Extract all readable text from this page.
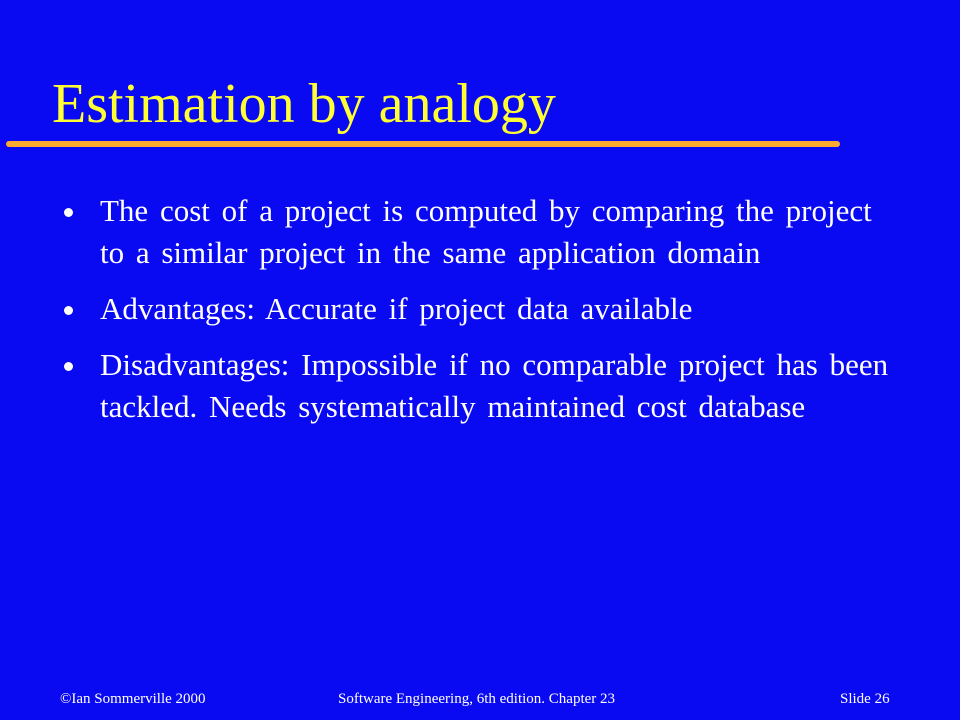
Estimation by analogy
The cost of a project is computed by comparing the project to a similar project in the same application domain
Advantages: Accurate if project data available
Disadvantages: Impossible if no comparable project has been tackled. Needs systematically maintained cost database
©Ian Sommerville 2000	Software Engineering, 6th edition. Chapter 23	Slide 26
